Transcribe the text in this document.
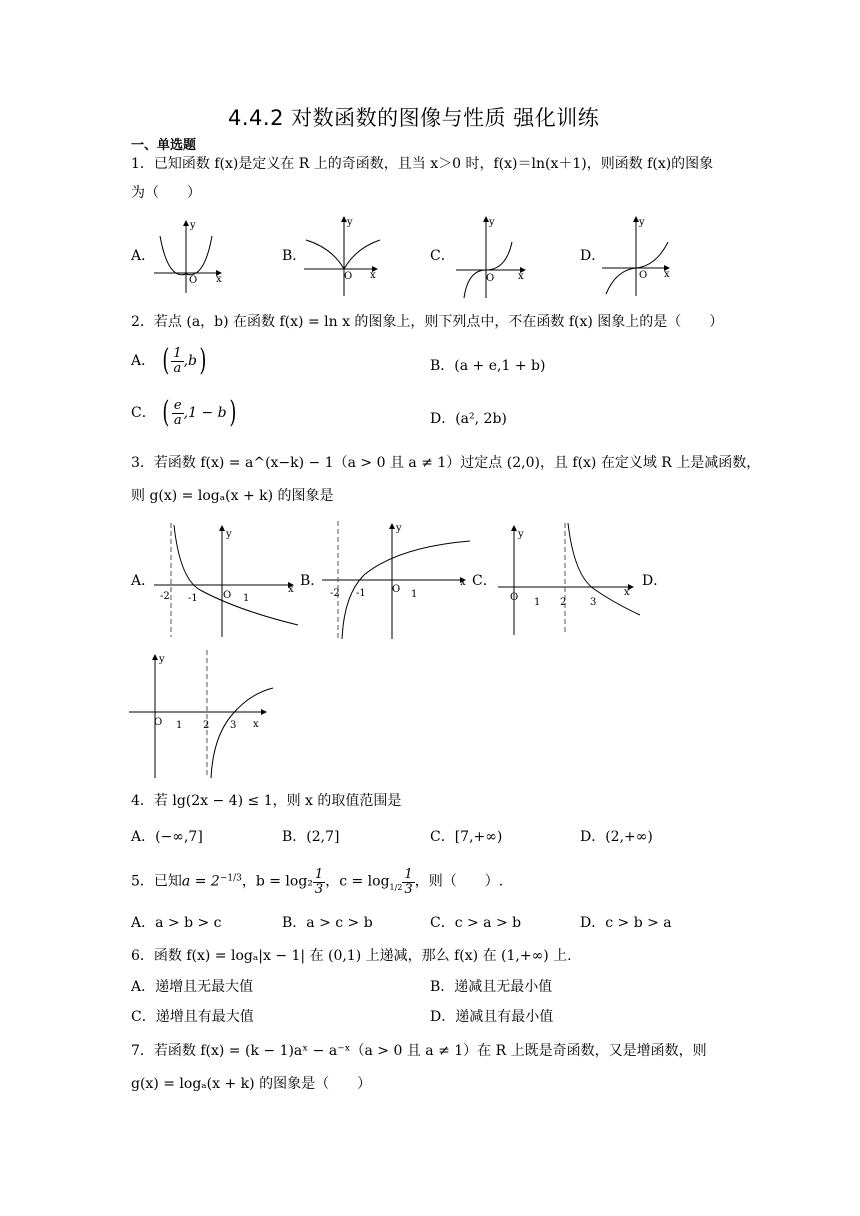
4.4.2 对数函数的图像与性质 强化训练
一、单选题
1．已知函数 f(x)是定义在 R 上的奇函数，且当 x＞0 时，f(x)＝ln(x＋1)，则函数 f(x)的图象
为（　　）
A．
y
O x
B．
y
O x
C．
y
O x
D．
y
O x
2．若点 (a，b) 在函数 f(x) = ln x 的图象上，则下列点中，不在函数 f(x) 图象上的是（　　）
A． ( $\frac{1}{a} ,b$)	B．(a + e,1 + b)
C． ( $\frac{e}{a} ,1 - b$)	D．(a², 2b)
3．若函数 f(x) = a^(x−k) − 1（a > 0 且 a ≠ 1）过定点 (2,0)，且 f(x) 在定义域 R 上是减函数，
则 g(x) = logₐ(x + k) 的图象是
A．
y
x
O
-2 -1	1
B．
y
x
O
-2 -1	1
C．
y
x
O 1 2 3
D．
y
x
O 1 2 3
4．若 lg(2x − 4) ≤ 1，则 x 的取值范围是
A．(−∞,7]	B．(2,7]	C．[7,+∞)	D．(2,+∞)
5．已知$a = 2^{-1/3}$，$b = \log_2 \frac{1}{3}$ ，$c = \log_{1/2} \frac{1}{3}$ ，则（　　）.
A．a > b > c	B．a > c > b	C．c > a > b	D．c > b > a
6．函数 f(x) = logₐ|x − 1| 在 (0,1) 上递减，那么 f(x) 在 (1,+∞) 上.
A．递增且无最大值	B．递减且无最小值
C．递增且有最大值	D．递减且有最小值
7．若函数 f(x) = (k − 1)aˣ − a⁻ˣ（a > 0 且 a ≠ 1）在 R 上既是奇函数，又是增函数，则
g(x) = logₐ(x + k) 的图象是（　　）
